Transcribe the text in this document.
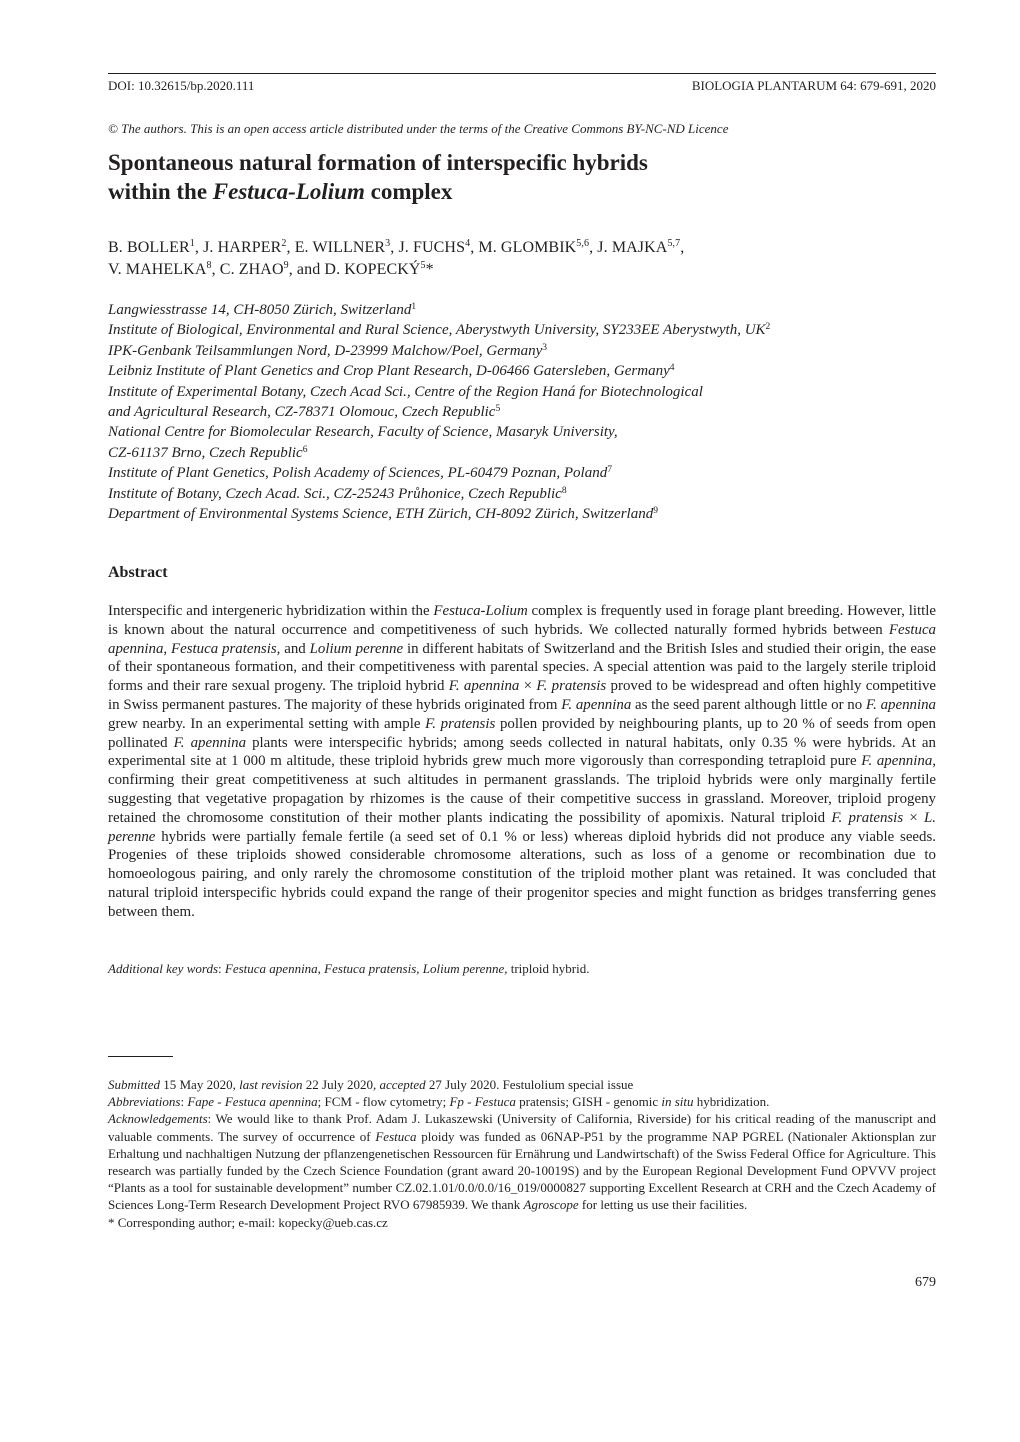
DOI: 10.32615/bp.2020.111	BIOLOGIA PLANTARUM 64: 679-691, 2020
© The authors. This is an open access article distributed under the terms of the Creative Commons BY-NC-ND Licence
Spontaneous natural formation of interspecific hybrids
within the Festuca-Lolium complex
B. BOLLER$^1$, J. HARPER$^2$, E. WILLNER$^3$, J. FUCHS$^4$, M. GLOMBIK$^{5,6}$, J. MAJKA$^{5,7}$,
V. MAHELKA$^8$, C. ZHAO$^9$, and D. KOPECKÝ$^5$*
Langwiesstrasse 14, CH-8050 Zürich, Switzerland$^1$
Institute of Biological, Environmental and Rural Science, Aberystwyth University, SY233EE Aberystwyth, $UK^2$
IPK-Genbank Teilsammlungen Nord, D-23999 Malchow/Poel, Germany$^3$
Leibniz Institute of Plant Genetics and Crop Plant Research, D-06466 Gatersleben, Germany$^4$
Institute of Experimental Botany, Czech Acad Sci., Centre of the Region Haná for Biotechnological
and Agricultural Research, CZ-78371 Olomouc, Czech Republic$^5$
National Centre for Biomolecular Research, Faculty of Science, Masaryk University,
CZ-61137 Brno, Czech Republic$^6$
Institute of Plant Genetics, Polish Academy of Sciences, PL-60479 Poznan, Poland$^7$
Institute of Botany, Czech Acad. Sci., CZ-25243 Průhonice, Czech Republic$^8$
Department of Environmental Systems Science, ETH Zürich, CH-8092 Zürich, Switzerland$^9$
Abstract
Interspecific and intergeneric hybridization within the Festuca-Lolium complex is frequently used in forage plant breeding. However, little is known about the natural occurrence and competitiveness of such hybrids. We collected naturally formed hybrids between Festuca apennina, Festuca pratensis, and Lolium perenne in different habitats of Switzerland and the British Isles and studied their origin, the ease of their spontaneous formation, and their competitiveness with parental species. A special attention was paid to the largely sterile triploid forms and their rare sexual progeny. The triploid hybrid F. apennina × F. pratensis proved to be widespread and often highly competitive in Swiss permanent pastures. The majority of these hybrids originated from F. apennina as the seed parent although little or no F. apennina grew nearby. In an experimental setting with ample F. pratensis pollen provided by neighbouring plants, up to 20 % of seeds from open pollinated F. apennina plants were interspecific hybrids; among seeds collected in natural habitats, only 0.35 % were hybrids. At an experimental site at 1 000 m altitude, these triploid hybrids grew much more vigorously than corresponding tetraploid pure F. apennina, confirming their great competitiveness at such altitudes in permanent grasslands. The triploid hybrids were only marginally fertile suggesting that vegetative propagation by rhizomes is the cause of their competitive success in grassland. Moreover, triploid progeny retained the chromosome constitution of their mother plants indicating the possibility of apomixis. Natural triploid F. pratensis × L. perenne hybrids were partially female fertile (a seed set of 0.1 % or less) whereas diploid hybrids did not produce any viable seeds. Progenies of these triploids showed considerable chromosome alterations, such as loss of a genome or recombination due to homoeologous pairing, and only rarely the chromosome constitution of the triploid mother plant was retained. It was concluded that natural triploid interspecific hybrids could expand the range of their progenitor species and might function as bridges transferring genes between them.
Additional key words: Festuca apennina, Festuca pratensis, Lolium perenne, triploid hybrid.

Submitted 15 May 2020, last revision 22 July 2020, accepted 27 July 2020. Festulolium special issue

Abbreviations: Fape - Festuca apennina; FCM - flow cytometry; Fp - Festuca pratensis; GISH - genomic in situ hybridization.

Acknowledgements: We would like to thank Prof. Adam J. Lukaszewski (University of California, Riverside) for his critical reading of the manuscript and valuable comments. The survey of occurrence of Festuca ploidy was funded as 06NAP-P51 by the programme NAP PGREL (Nationaler Aktionsplan zur Erhaltung und nachhaltigen Nutzung der pflanzengenetischen Ressourcen für Ernährung und Landwirtschaft) of the Swiss Federal Office for Agriculture. This research was partially funded by the Czech Science Foundation (grant award 20-10019S) and by the European Regional Development Fund OPVVV project “Plants as a tool for sustainable development” number CZ.02.1.01/0.0/0.0/16_019/0000827 supporting Excellent Research at CRH and the Czech Academy of Sciences Long-Term Research Development Project RVO 67985939. We thank Agroscope for letting us use their facilities.

* Corresponding author; e-mail: kopecky@ueb.cas.cz

679
